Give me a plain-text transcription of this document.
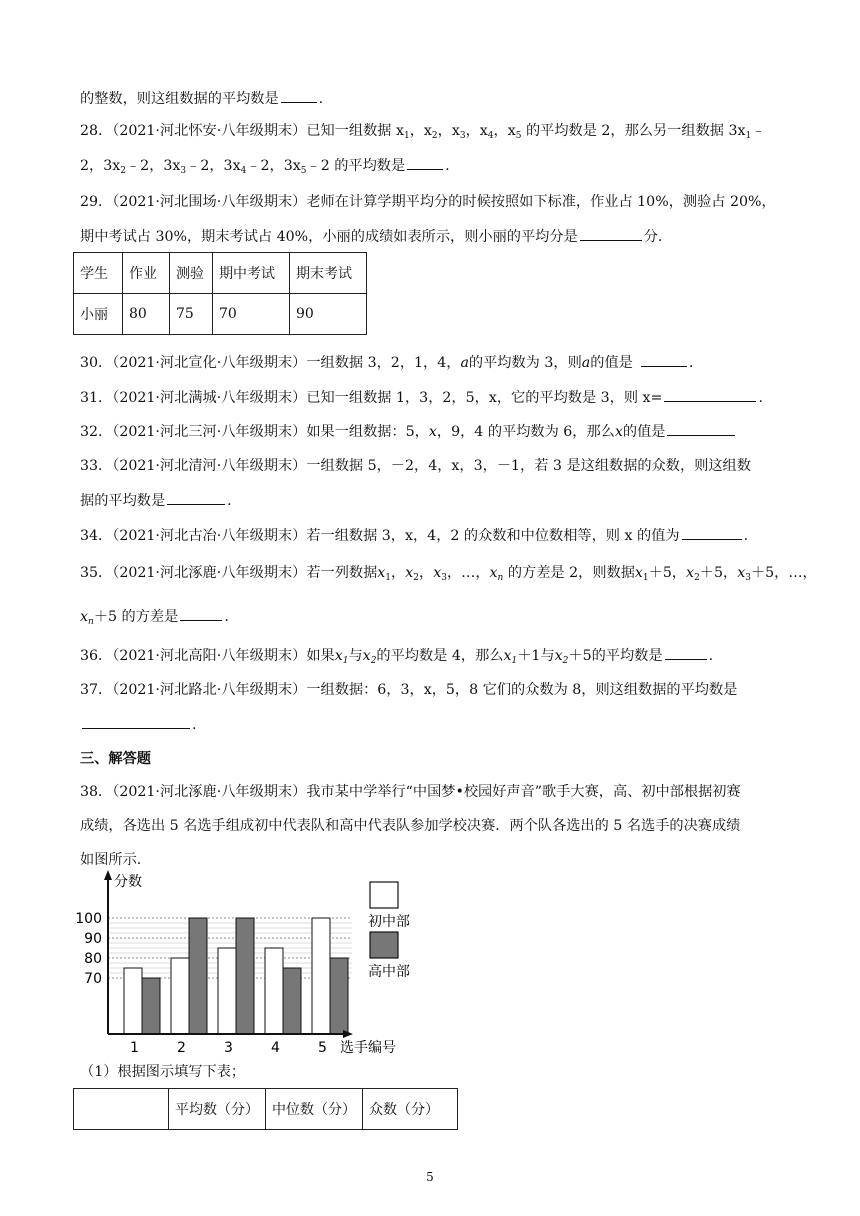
的整数，则这组数据的平均数是	.
28．（2021·河北怀安·八年级期末）已知一组数据 $x_1$，$x_2$，$x_3$，$x_4$，$x_5$ 的平均数是 2，那么另一组数据 $3x_1﹣$
2，$3x_2﹣2$，$3x_3﹣2$，$3x_4﹣2$，$3x_5﹣2$ 的平均数是	.
29．（2021·河北围场·八年级期末）老师在计算学期平均分的时候按照如下标准，作业占 10%，测验占 20%，
期中考试占 30%，期末考试占 40%，小丽的成绩如表所示，则小丽的平均分是	分.
学生	作业	测验	期中考试	期末考试
小丽	80	75	70	90
30．（2021·河北宣化·八年级期末）一组数据 3，2，1，4，a的平均数为 3，则a的值是	.
31．（2021·河北满城·八年级期末）已知一组数据 1，3，2，5，x，它的平均数是 3，则 x=	.
32．（2021·河北三河·八年级期末）如果一组数据：5，x，9，4 的平均数为 6，那么x的值是
33．（2021·河北清河·八年级期末）一组数据 5，－2，4，x，3，－1，若 3 是这组数据的众数，则这组数
据的平均数是	.
34．（2021·河北古冶·八年级期末）若一组数据 3，x，4，2 的众数和中位数相等，则 x 的值为	.
35．（2021·河北涿鹿·八年级期末）若一列数据$x_1$，$x_2$，$x_3$，…，$x_n$ 的方差是 2，则数据$x_1+5$，$x_2+5$，$x_3+5$，…，
$x_n+5$ 的方差是	.
36．（2021·河北高阳·八年级期末）如果$x_1$与$x_2$的平均数是 4，那么$x_1+1$与$x_2+5$的平均数是	.
37．（2021·河北路北·八年级期末）一组数据：6，3，x，5，8 它们的众数为 8，则这组数据的平均数是
.
三、解答题
38．（2021·河北涿鹿·八年级期末）我市某中学举行“中国梦•校园好声音”歌手大赛，高、初中部根据初赛
成绩，各选出 5 名选手组成初中代表队和高中代表队参加学校决赛．两个队各选出的 5 名选手的决赛成绩
如图所示.
分数
选手编号
70
80
90
100
1	2	3	4	5
初中部
高中部
（1）根据图示填写下表；
	平均数（分）	中位数（分）	众数（分）
5
